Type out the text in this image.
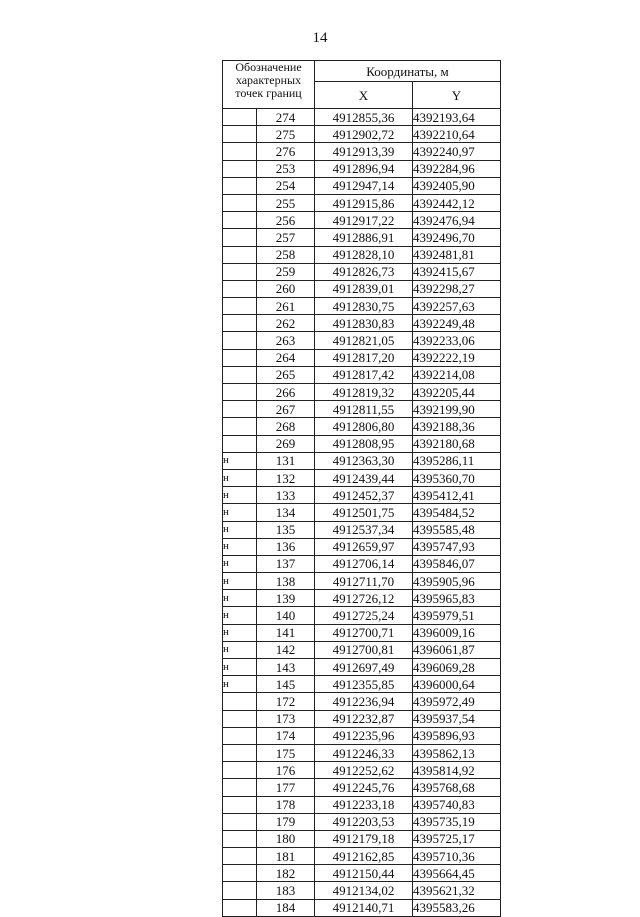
14
Обозначение характерных точек границ		Координаты, м	
		X	Y
	274	4912855,36	4392193,64
	275	4912902,72	4392210,64
	276	4912913,39	4392240,97
	253	4912896,94	4392284,96
	254	4912947,14	4392405,90
	255	4912915,86	4392442,12
	256	4912917,22	4392476,94
	257	4912886,91	4392496,70
	258	4912828,10	4392481,81
	259	4912826,73	4392415,67
	260	4912839,01	4392298,27
	261	4912830,75	4392257,63
	262	4912830,83	4392249,48
	263	4912821,05	4392233,06
	264	4912817,20	4392222,19
	265	4912817,42	4392214,08
	266	4912819,32	4392205,44
	267	4912811,55	4392199,90
	268	4912806,80	4392188,36
	269	4912808,95	4392180,68
н	131	4912363,30	4395286,11
н	132	4912439,44	4395360,70
н	133	4912452,37	4395412,41
н	134	4912501,75	4395484,52
н	135	4912537,34	4395585,48
н	136	4912659,97	4395747,93
н	137	4912706,14	4395846,07
н	138	4912711,70	4395905,96
н	139	4912726,12	4395965,83
н	140	4912725,24	4395979,51
н	141	4912700,71	4396009,16
н	142	4912700,81	4396061,87
н	143	4912697,49	4396069,28
н	145	4912355,85	4396000,64
	172	4912236,94	4395972,49
	173	4912232,87	4395937,54
	174	4912235,96	4395896,93
	175	4912246,33	4395862,13
	176	4912252,62	4395814,92
	177	4912245,76	4395768,68
	178	4912233,18	4395740,83
	179	4912203,53	4395735,19
	180	4912179,18	4395725,17
	181	4912162,85	4395710,36
	182	4912150,44	4395664,45
	183	4912134,02	4395621,32
	184	4912140,71	4395583,26
